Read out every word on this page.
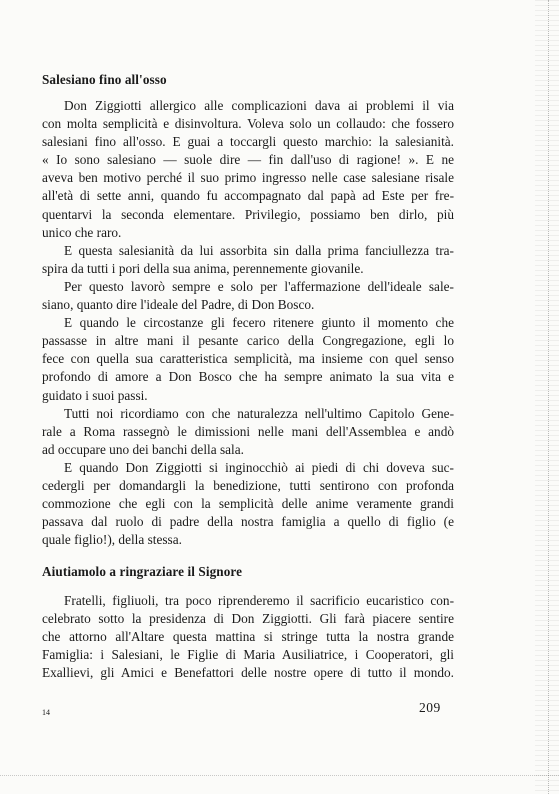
Salesiano fino all'osso
Don Ziggiotti allergico alle complicazioni dava ai problemi il via
con molta semplicità e disinvoltura. Voleva solo un collaudo: che fossero
salesiani fino all'osso. E guai a toccargli questo marchio: la salesianità.
« Io sono salesiano — suole dire — fin dall'uso di ragione! ». E ne
aveva ben motivo perché il suo primo ingresso nelle case salesiane risale
all'età di sette anni, quando fu accompagnato dal papà ad Este per fre-
quentarvi la seconda elementare. Privilegio, possiamo ben dirlo, più
unico che raro.
E questa salesianità da lui assorbita sin dalla prima fanciullezza tra-
spira da tutti i pori della sua anima, perennemente giovanile.
Per questo lavorò sempre e solo per l'affermazione dell'ideale sale-
siano, quanto dire l'ideale del Padre, di Don Bosco.
E quando le circostanze gli fecero ritenere giunto il momento che
passasse in altre mani il pesante carico della Congregazione, egli lo
fece con quella sua caratteristica semplicità, ma insieme con quel senso
profondo di amore a Don Bosco che ha sempre animato la sua vita e
guidato i suoi passi.
Tutti noi ricordiamo con che naturalezza nell'ultimo Capitolo Gene-
rale a Roma rassegnò le dimissioni nelle mani dell'Assemblea e andò
ad occupare uno dei banchi della sala.
E quando Don Ziggiotti si inginocchiò ai piedi di chi doveva suc-
cedergli per domandargli la benedizione, tutti sentirono con profonda
commozione che egli con la semplicità delle anime veramente grandi
passava dal ruolo di padre della nostra famiglia a quello di figlio (e
quale figlio!), della stessa.
Aiutiamolo a ringraziare il Signore
Fratelli, figliuoli, tra poco riprenderemo il sacrificio eucaristico con-
celebrato sotto la presidenza di Don Ziggiotti. Gli farà piacere sentire
che attorno all'Altare questa mattina si stringe tutta la nostra grande
Famiglia: i Salesiani, le Figlie di Maria Ausiliatrice, i Cooperatori, gli
Exallievi, gli Amici e Benefattori delle nostre opere di tutto il mondo.
14	209
